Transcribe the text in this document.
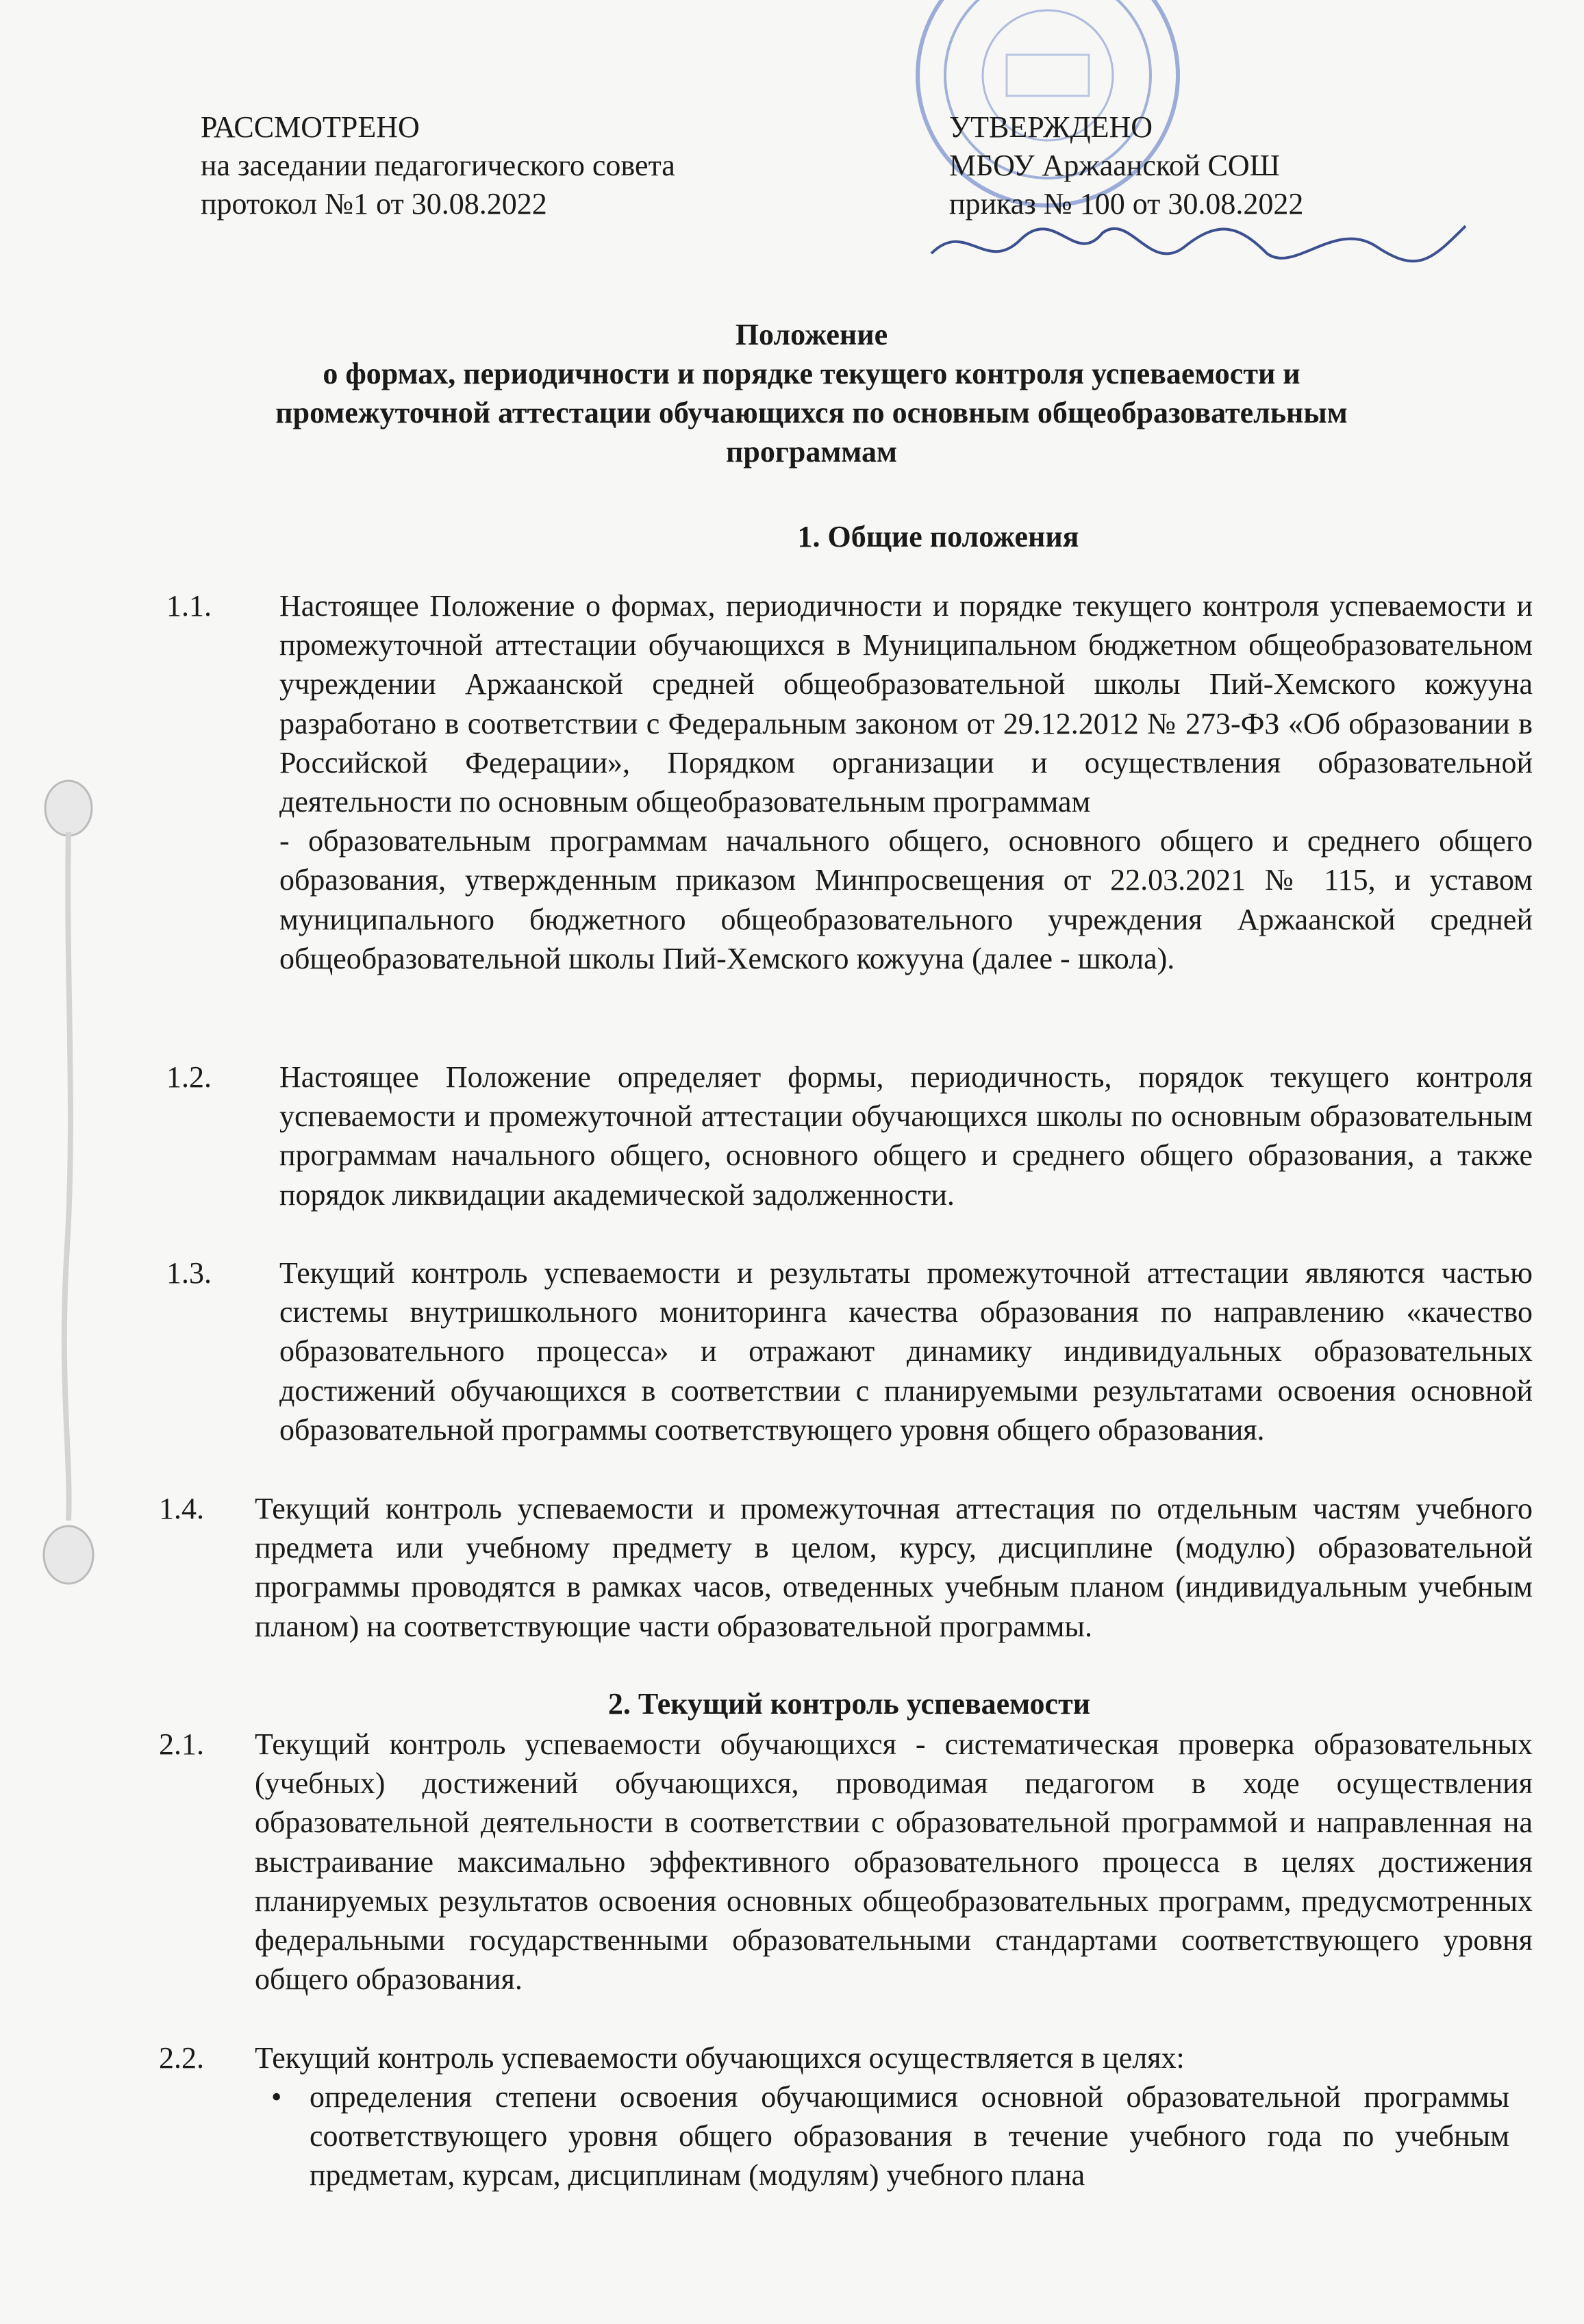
РАССМОТРЕНО
на заседании педагогического совета
протокол №1 от 30.08.2022
УТВЕРЖДЕНО
МБОУ Аржаанской СОШ
приказ № 100 от 30.08.2022
Положение
о формах, периодичности и порядке текущего контроля успеваемости и
промежуточной аттестации обучающихся по основным общеобразовательным
программам
1. Общие положения
1.1. Настоящее Положение о формах, периодичности и порядке текущего контроля успеваемости и промежуточной аттестации обучающихся в Муниципальном бюджетном общеобразовательном учреждении Аржаанской средней общеобразовательной школы Пий-Хемского кожууна разработано в соответствии с Федеральным законом от 29.12.2012 № 273-ФЗ «Об образовании в Российской Федерации», Порядком организации и осуществления образовательной деятельности по основным общеобразовательным программам
- образовательным программам начального общего, основного общего и среднего общего образования, утвержденным приказом Минпросвещения от 22.03.2021 № 115, и уставом муниципального бюджетного общеобразовательного учреждения Аржаанской средней общеобразовательной школы Пий-Хемского кожууна (далее - школа).
1.2. Настоящее Положение определяет формы, периодичность, порядок текущего контроля успеваемости и промежуточной аттестации обучающихся школы по основным образовательным программам начального общего, основного общего и среднего общего образования, а также порядок ликвидации академической задолженности.
1.3. Текущий контроль успеваемости и результаты промежуточной аттестации являются частью системы внутришкольного мониторинга качества образования по направлению «качество образовательного процесса» и отражают динамику индивидуальных образовательных достижений обучающихся в соответствии с планируемыми результатами освоения основной образовательной программы соответствующего уровня общего образования.
1.4. Текущий контроль успеваемости и промежуточная аттестация по отдельным частям учебного предмета или учебному предмету в целом, курсу, дисциплине (модулю) образовательной программы проводятся в рамках часов, отведенных учебным планом (индивидуальным учебным планом) на соответствующие части образовательной программы.
2. Текущий контроль успеваемости
2.1. Текущий контроль успеваемости обучающихся - систематическая проверка образовательных (учебных) достижений обучающихся, проводимая педагогом в ходе осуществления образовательной деятельности в соответствии с образовательной программой и направленная на выстраивание максимально эффективного образовательного процесса в целях достижения планируемых результатов освоения основных общеобразовательных программ, предусмотренных федеральными государственными образовательными стандартами соответствующего уровня общего образования.
2.2. Текущий контроль успеваемости обучающихся осуществляется в целях:
• определения степени освоения обучающимися основной образовательной программы соответствующего уровня общего образования в течение учебного года по учебным предметам, курсам, дисциплинам (модулям) учебного плана
